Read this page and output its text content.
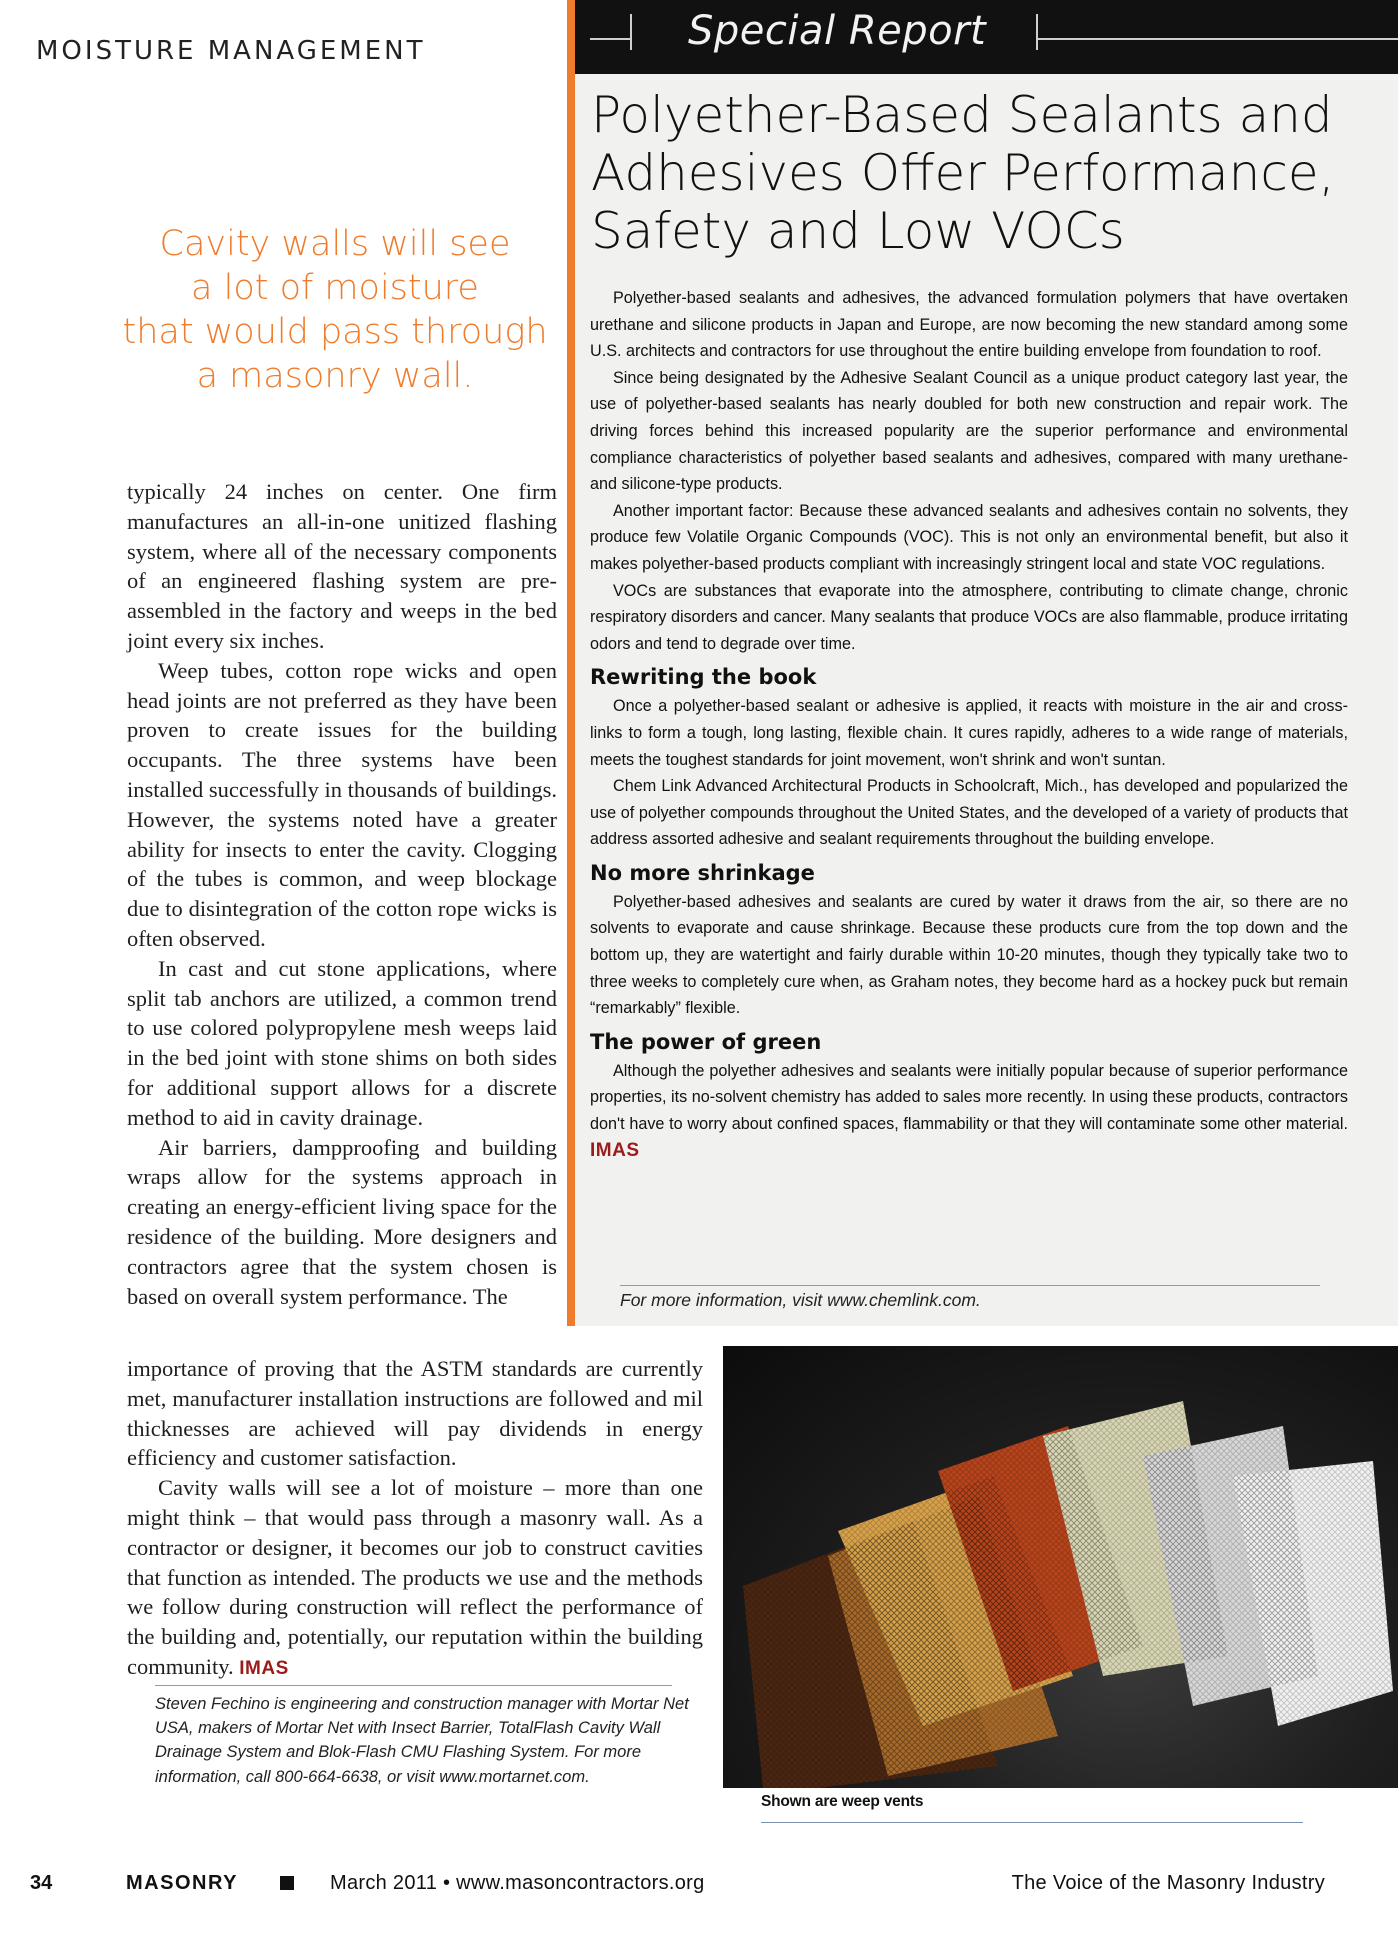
MOISTURE MANAGEMENT
Cavity walls will see
a lot of moisture
that would pass through
a masonry wall.

typically 24 inches on center. One firm manufactures an all-in-one unitized flashing system, where all of the necessary components of an engineered flashing system are pre-assembled in the factory and weeps in the bed joint every six inches.

Weep tubes, cotton rope wicks and open head joints are not preferred as they have been proven to create issues for the building occupants. The three systems have been installed successfully in thousands of buildings. However, the systems noted have a greater ability for insects to enter the cavity. Clogging of the tubes is common, and weep blockage due to disintegration of the cotton rope wicks is often observed.

In cast and cut stone applications, where split tab anchors are utilized, a common trend to use colored polypropylene mesh weeps laid in the bed joint with stone shims on both sides for additional support allows for a discrete method to aid in cavity drainage.

Air barriers, dampproofing and building wraps allow for the systems approach in creating an energy-efficient living space for the residence of the building. More designers and contractors agree that the system chosen is based on overall system performance. The

importance of proving that the ASTM standards are currently met, manufacturer installation instructions are followed and mil thicknesses are achieved will pay dividends in energy efficiency and customer satisfaction.

Cavity walls will see a lot of moisture – more than one might think – that would pass through a masonry wall. As a contractor or designer, it becomes our job to construct cavities that function as intended. The products we use and the methods we follow during construction will reflect the performance of the building and, potentially, our reputation within the building community. IMAS

Steven Fechino is engineering and construction manager with Mortar Net USA, makers of Mortar Net with Insect Barrier, TotalFlash Cavity Wall Drainage System and Blok-Flash CMU Flashing System. For more information, call 800-664-6638, or visit www.mortarnet.com.
Special Report
Polyether-Based Sealants and
Adhesives Offer Performance,
Safety and Low VOCs

Polyether-based sealants and adhesives, the advanced formulation polymers that have overtaken urethane and silicone products in Japan and Europe, are now becoming the new standard among some U.S. architects and contractors for use throughout the entire building envelope from foundation to roof.

Since being designated by the Adhesive Sealant Council as a unique product category last year, the use of polyether-based sealants has nearly doubled for both new construction and repair work. The driving forces behind this increased popularity are the superior performance and environmental compliance characteristics of polyether based sealants and adhesives, compared with many urethane- and silicone-type products.

Another important factor: Because these advanced sealants and adhesives contain no solvents, they produce few Volatile Organic Compounds (VOC). This is not only an environmental benefit, but also it makes polyether-based products compliant with increasingly stringent local and state VOC regulations.

VOCs are substances that evaporate into the atmosphere, contributing to climate change, chronic respiratory disorders and cancer. Many sealants that produce VOCs are also flammable, produce irritating odors and tend to degrade over time.

Rewriting the book

Once a polyether-based sealant or adhesive is applied, it reacts with moisture in the air and cross-links to form a tough, long lasting, flexible chain. It cures rapidly, adheres to a wide range of materials, meets the toughest standards for joint movement, won't shrink and won't suntan.

Chem Link Advanced Architectural Products in Schoolcraft, Mich., has developed and popularized the use of polyether compounds throughout the United States, and the developed of a variety of products that address assorted adhesive and sealant requirements throughout the building envelope.

No more shrinkage

Polyether-based adhesives and sealants are cured by water it draws from the air, so there are no solvents to evaporate and cause shrinkage. Because these products cure from the top down and the bottom up, they are watertight and fairly durable within 10-20 minutes, though they typically take two to three weeks to completely cure when, as Graham notes, they become hard as a hockey puck but remain “remarkably” flexible.

The power of green

Although the polyether adhesives and sealants were initially popular because of superior performance properties, its no-solvent chemistry has added to sales more recently. In using these products, contractors don't have to worry about confined spaces, flammability or that they will contaminate some other material. IMAS

For more information, visit www.chemlink.com.
Shown are weep vents
34	MASONRY	March 2011 • www.masoncontractors.org	The Voice of the Masonry Industry
